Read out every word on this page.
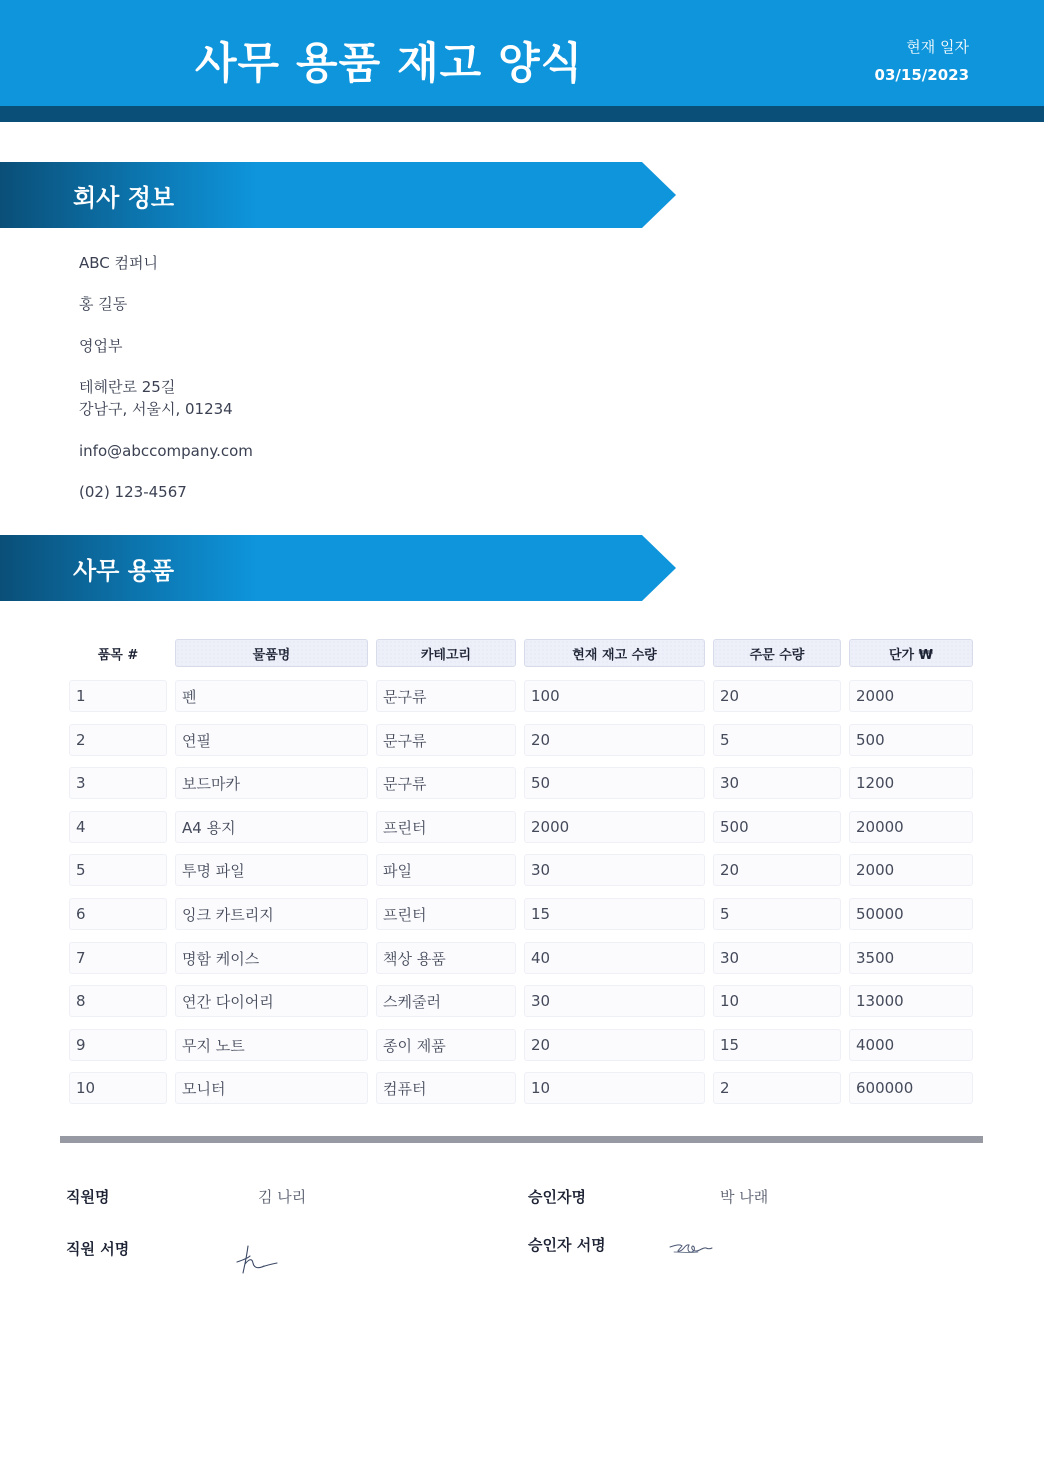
사무 용품 재고 양식	현재 일자
03/15/2023
회사 정보
ABC 컴퍼니
홍 길동
영업부
테헤란로 25길
강남구, 서울시, 01234
info@abccompany.com
(02) 123-4567
사무 용품
품목 #	물품명	카테고리	현재 재고 수량	주문 수량	단가 ₩
1	펜	문구류	100	20	2000
2	연필	문구류	20	5	500
3	보드마카	문구류	50	30	1200
4	A4 용지	프린터	2000	500	20000
5	투명 파일	파일	30	20	2000
6	잉크 카트리지	프린터	15	5	50000
7	명함 케이스	책상 용품	40	30	3500
8	연간 다이어리	스케줄러	30	10	13000
9	무지 노트	종이 제품	20	15	4000
10	모니터	컴퓨터	10	2	600000
직원명	김 나리	승인자명	박 나래
직원 서명	승인자 서명
